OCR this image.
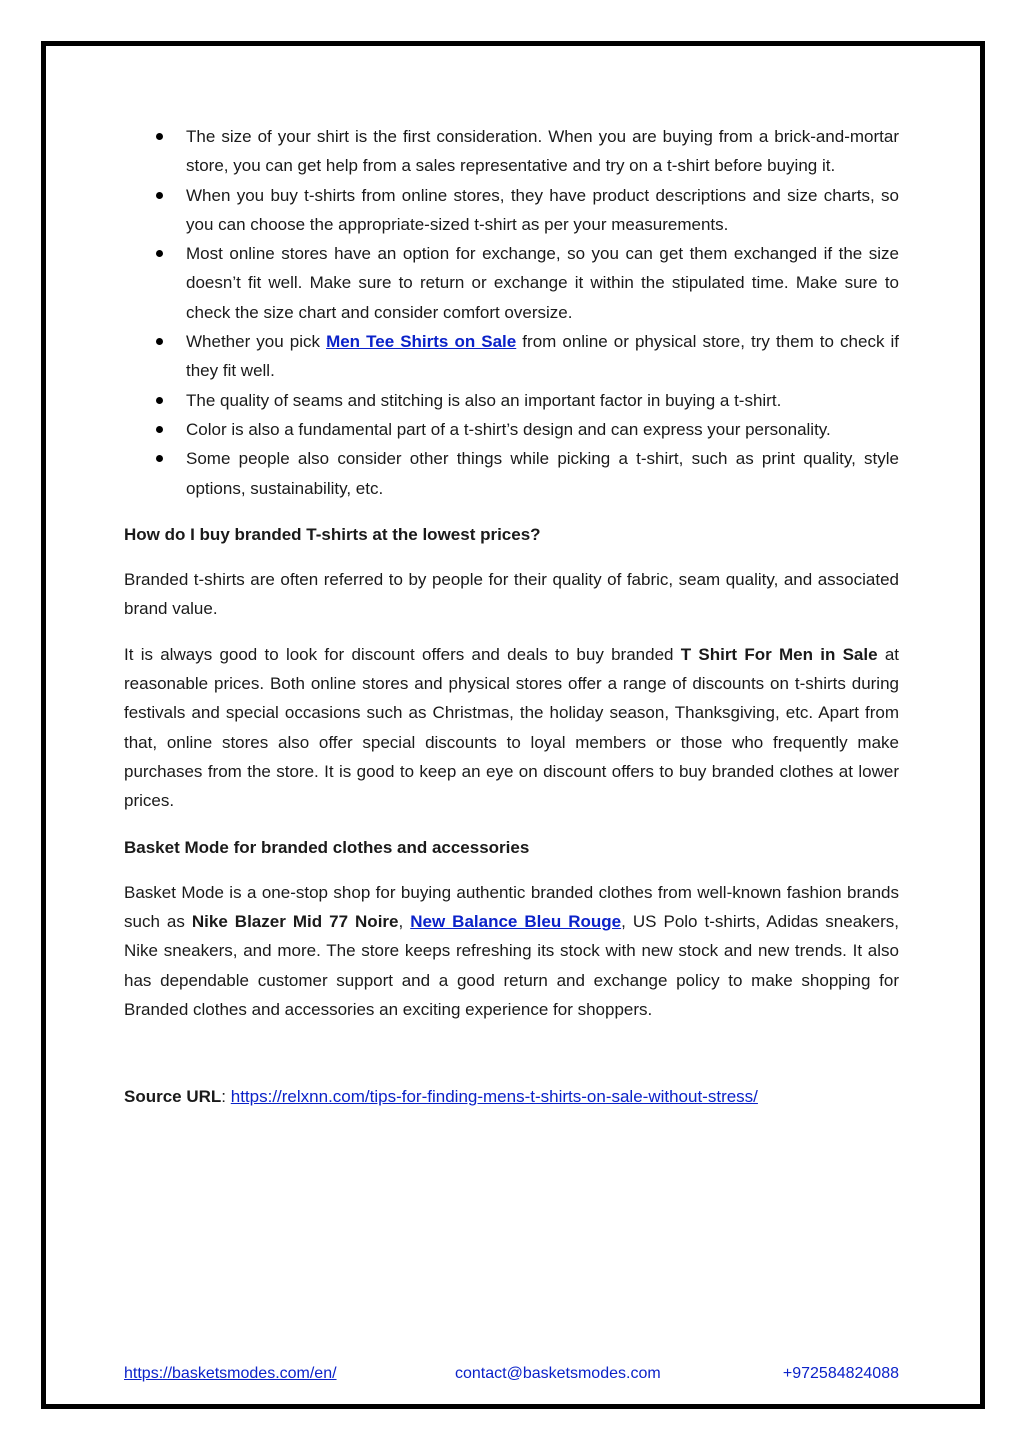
The size of your shirt is the first consideration. When you are buying from a brick-and-mortar store, you can get help from a sales representative and try on a t-shirt before buying it.
When you buy t-shirts from online stores, they have product descriptions and size charts, so you can choose the appropriate-sized t-shirt as per your measurements.
Most online stores have an option for exchange, so you can get them exchanged if the size doesn’t fit well. Make sure to return or exchange it within the stipulated time. Make sure to check the size chart and consider comfort oversize.
Whether you pick Men Tee Shirts on Sale from online or physical store, try them to check if they fit well.
The quality of seams and stitching is also an important factor in buying a t-shirt.
Color is also a fundamental part of a t-shirt’s design and can express your personality.
Some people also consider other things while picking a t-shirt, such as print quality, style options, sustainability, etc.

How do I buy branded T-shirts at the lowest prices?

Branded t-shirts are often referred to by people for their quality of fabric, seam quality, and associated brand value.

It is always good to look for discount offers and deals to buy branded T Shirt For Men in Sale at reasonable prices. Both online stores and physical stores offer a range of discounts on t-shirts during festivals and special occasions such as Christmas, the holiday season, Thanksgiving, etc. Apart from that, online stores also offer special discounts to loyal members or those who frequently make purchases from the store. It is good to keep an eye on discount offers to buy branded clothes at lower prices.

Basket Mode for branded clothes and accessories

Basket Mode is a one-stop shop for buying authentic branded clothes from well-known fashion brands such as Nike Blazer Mid 77 Noire, New Balance Bleu Rouge, US Polo t-shirts, Adidas sneakers, Nike sneakers, and more. The store keeps refreshing its stock with new stock and new trends. It also has dependable customer support and a good return and exchange policy to make shopping for Branded clothes and accessories an exciting experience for shoppers.

Source URL: https://relxnn.com/tips-for-finding-mens-t-shirts-on-sale-without-stress/

https://basketsmodes.com/en/	contact@basketsmodes.com	+972584824088
